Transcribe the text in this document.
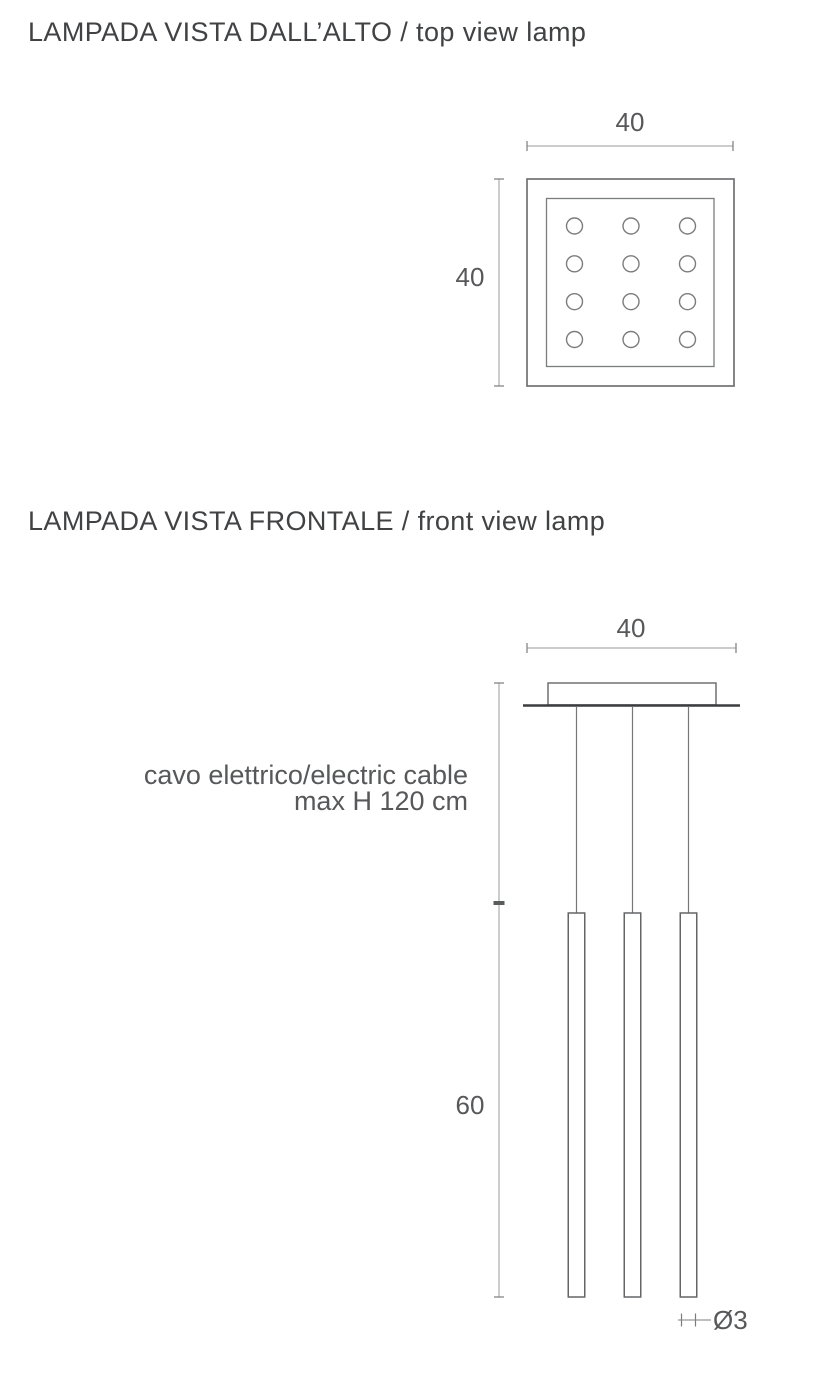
LAMPADA VISTA DALL’ALTO / top view lamp
LAMPADA VISTA FRONTALE / front view lamp
40
40
40
cavo elettrico/electric cable
max H 120 cm
60
Ø3
